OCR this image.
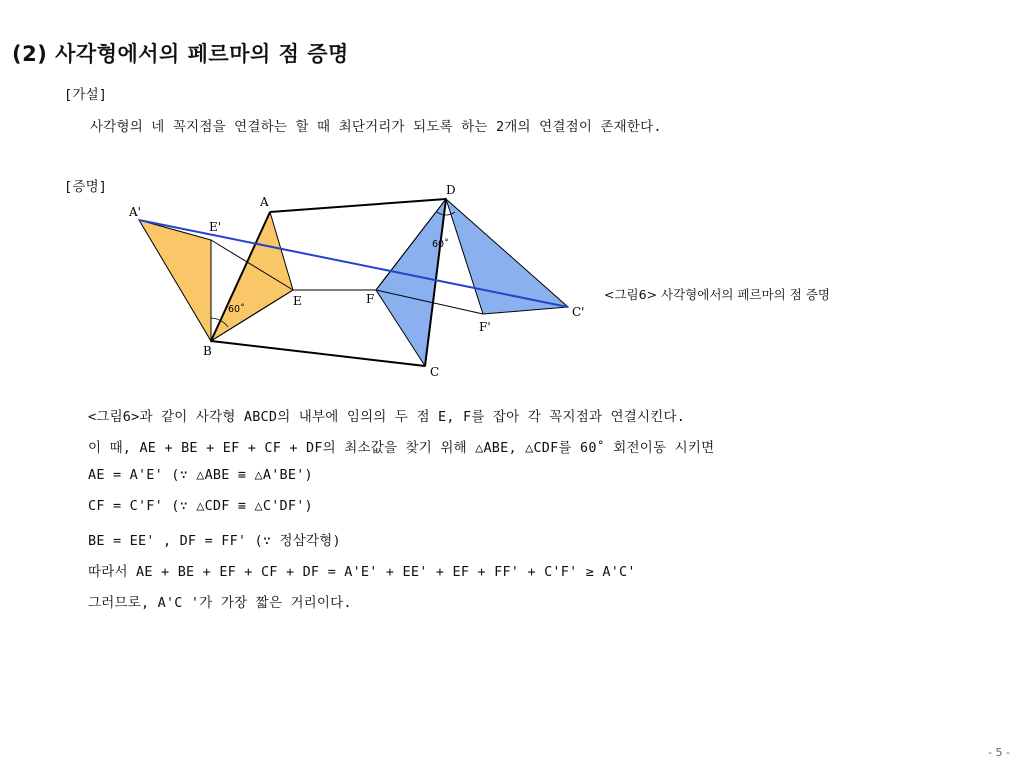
(2) 사각형에서의 페르마의 점 증명
[가설]
사각형의 네 꼭지점을 연결하는 할 때 최단거리가 되도록 하는 2개의 연결점이 존재한다.
[증명]
A'
E'
A
B
E	F
D
C
F'
C'
60˚
60˚
<그림6> 사각형에서의 페르마의 점 증명
<그림6>과 같이 사각형 ABCD의 내부에 임의의 두 점 E, F를 잡아 각 꼭지점과 연결시킨다.
이 때, AE + BE + EF + CF + DF의 최소값을 찾기 위해 △ABE, △CDF를 60˚ 회전이동 시키면
AE = A'E' (∵ △ABE ≡ △A'BE')
CF = C'F' (∵ △CDF ≡ △C'DF')
BE = EE' , DF = FF' (∵ 정삼각형)
따라서 AE + BE + EF + CF + DF = A'E' + EE' + EF + FF' + C'F' ≥ A'C'
그러므로, A'C '가 가장 짧은 거리이다.
- 5 -
